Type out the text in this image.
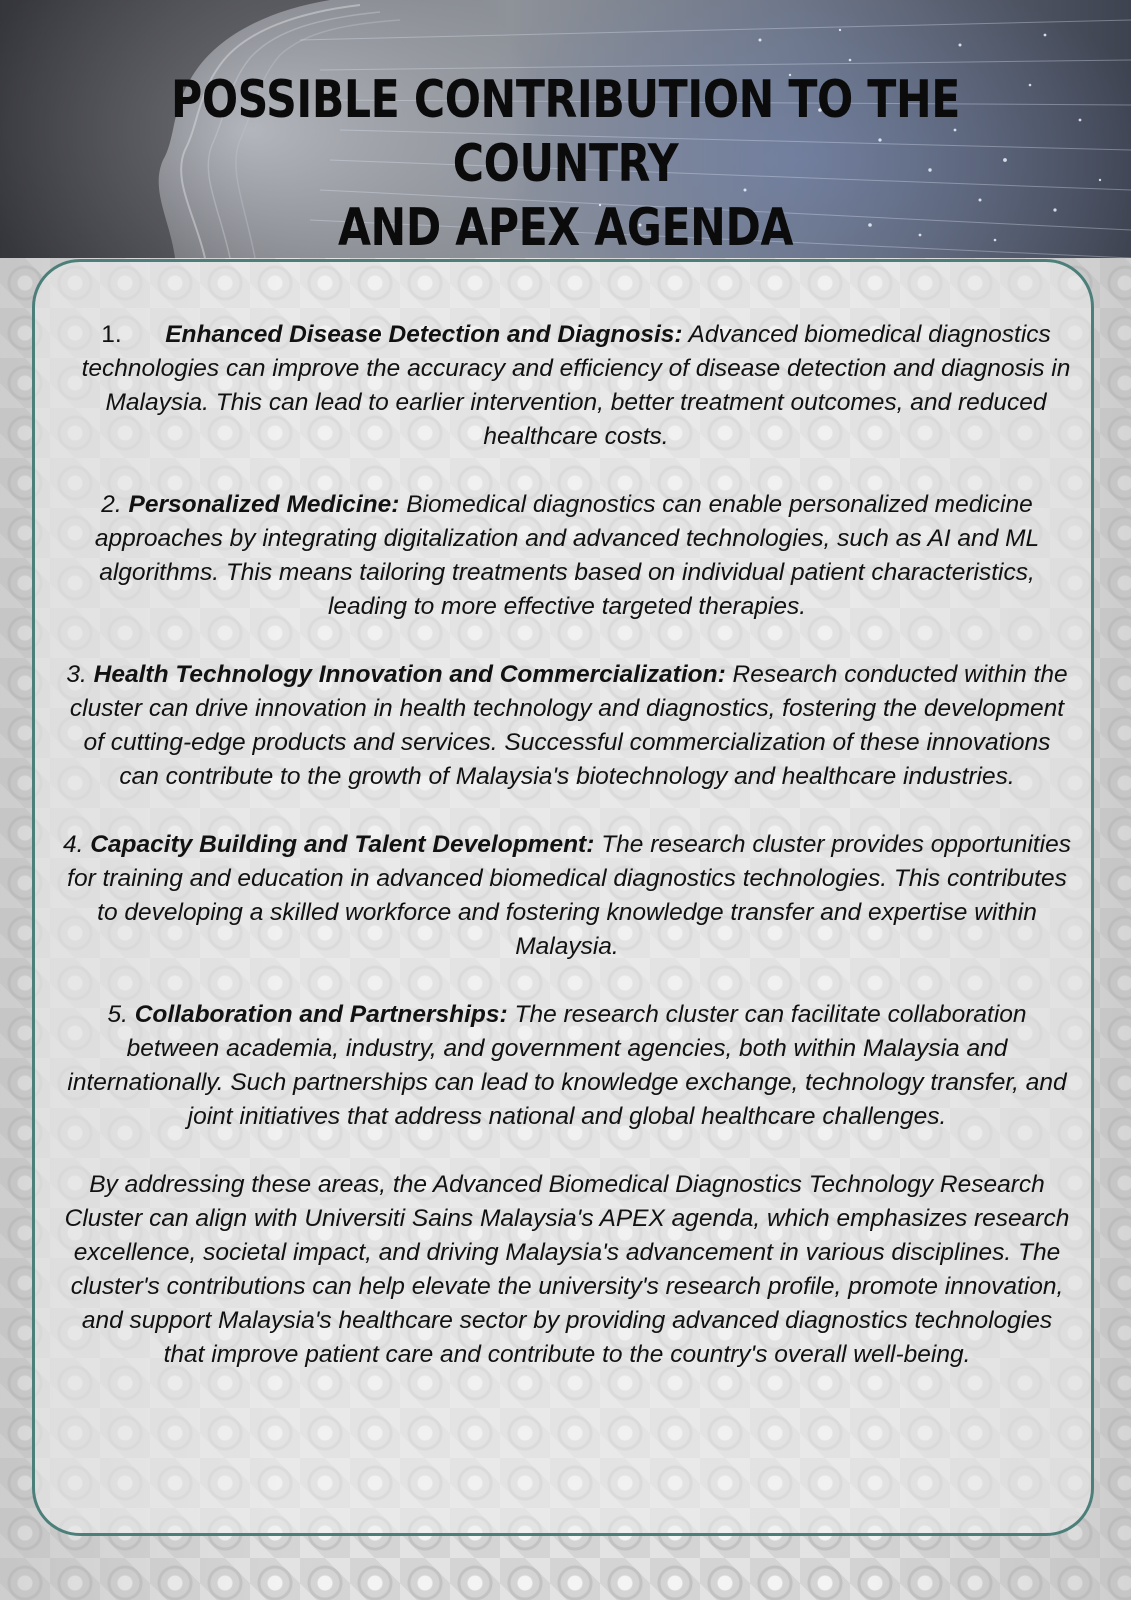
POSSIBLE CONTRIBUTION TO THE COUNTRY
AND APEX AGENDA

1. Enhanced Disease Detection and Diagnosis: Advanced biomedical diagnostics technologies can improve the accuracy and efficiency of disease detection and diagnosis in Malaysia. This can lead to earlier intervention, better treatment outcomes, and reduced healthcare costs.

2. Personalized Medicine: Biomedical diagnostics can enable personalized medicine approaches by integrating digitalization and advanced technologies, such as AI and ML algorithms. This means tailoring treatments based on individual patient characteristics, leading to more effective targeted therapies.

3. Health Technology Innovation and Commercialization: Research conducted within the cluster can drive innovation in health technology and diagnostics, fostering the development of cutting-edge products and services. Successful commercialization of these innovations can contribute to the growth of Malaysia's biotechnology and healthcare industries.

4. Capacity Building and Talent Development: The research cluster provides opportunities for training and education in advanced biomedical diagnostics technologies. This contributes to developing a skilled workforce and fostering knowledge transfer and expertise within Malaysia.

5. Collaboration and Partnerships: The research cluster can facilitate collaboration between academia, industry, and government agencies, both within Malaysia and internationally. Such partnerships can lead to knowledge exchange, technology transfer, and joint initiatives that address national and global healthcare challenges.

By addressing these areas, the Advanced Biomedical Diagnostics Technology Research Cluster can align with Universiti Sains Malaysia's APEX agenda, which emphasizes research excellence, societal impact, and driving Malaysia's advancement in various disciplines. The cluster's contributions can help elevate the university's research profile, promote innovation, and support Malaysia's healthcare sector by providing advanced diagnostics technologies that improve patient care and contribute to the country's overall well-being.
